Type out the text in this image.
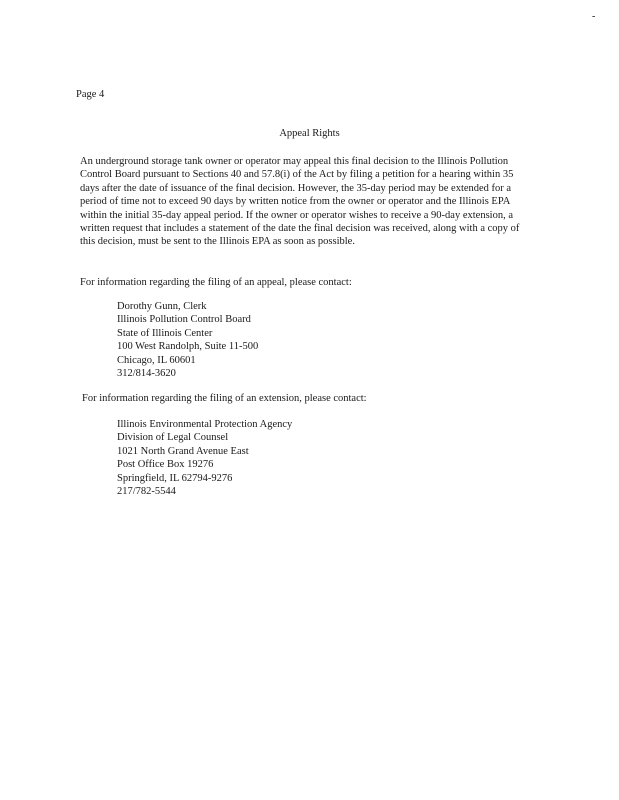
-
Page 4
Appeal Rights

An underground storage tank owner or operator may appeal this final decision to the Illinois Pollution Control Board pursuant to Sections 40 and 57.8(i) of the Act by filing a petition for a hearing within 35 days after the date of issuance of the final decision. However, the 35-day period may be extended for a period of time not to exceed 90 days by written notice from the owner or operator and the Illinois EPA within the initial 35-day appeal period. If the owner or operator wishes to receive a 90-day extension, a written request that includes a statement of the date the final decision was received, along with a copy of this decision, must be sent to the Illinois EPA as soon as possible.

For information regarding the filing of an appeal, please contact:

Dorothy Gunn, Clerk
Illinois Pollution Control Board
State of Illinois Center
100 West Randolph, Suite 11-500
Chicago, IL 60601
312/814-3620

For information regarding the filing of an extension, please contact:

Illinois Environmental Protection Agency
Division of Legal Counsel
1021 North Grand Avenue East
Post Office Box 19276
Springfield, IL 62794-9276
217/782-5544
